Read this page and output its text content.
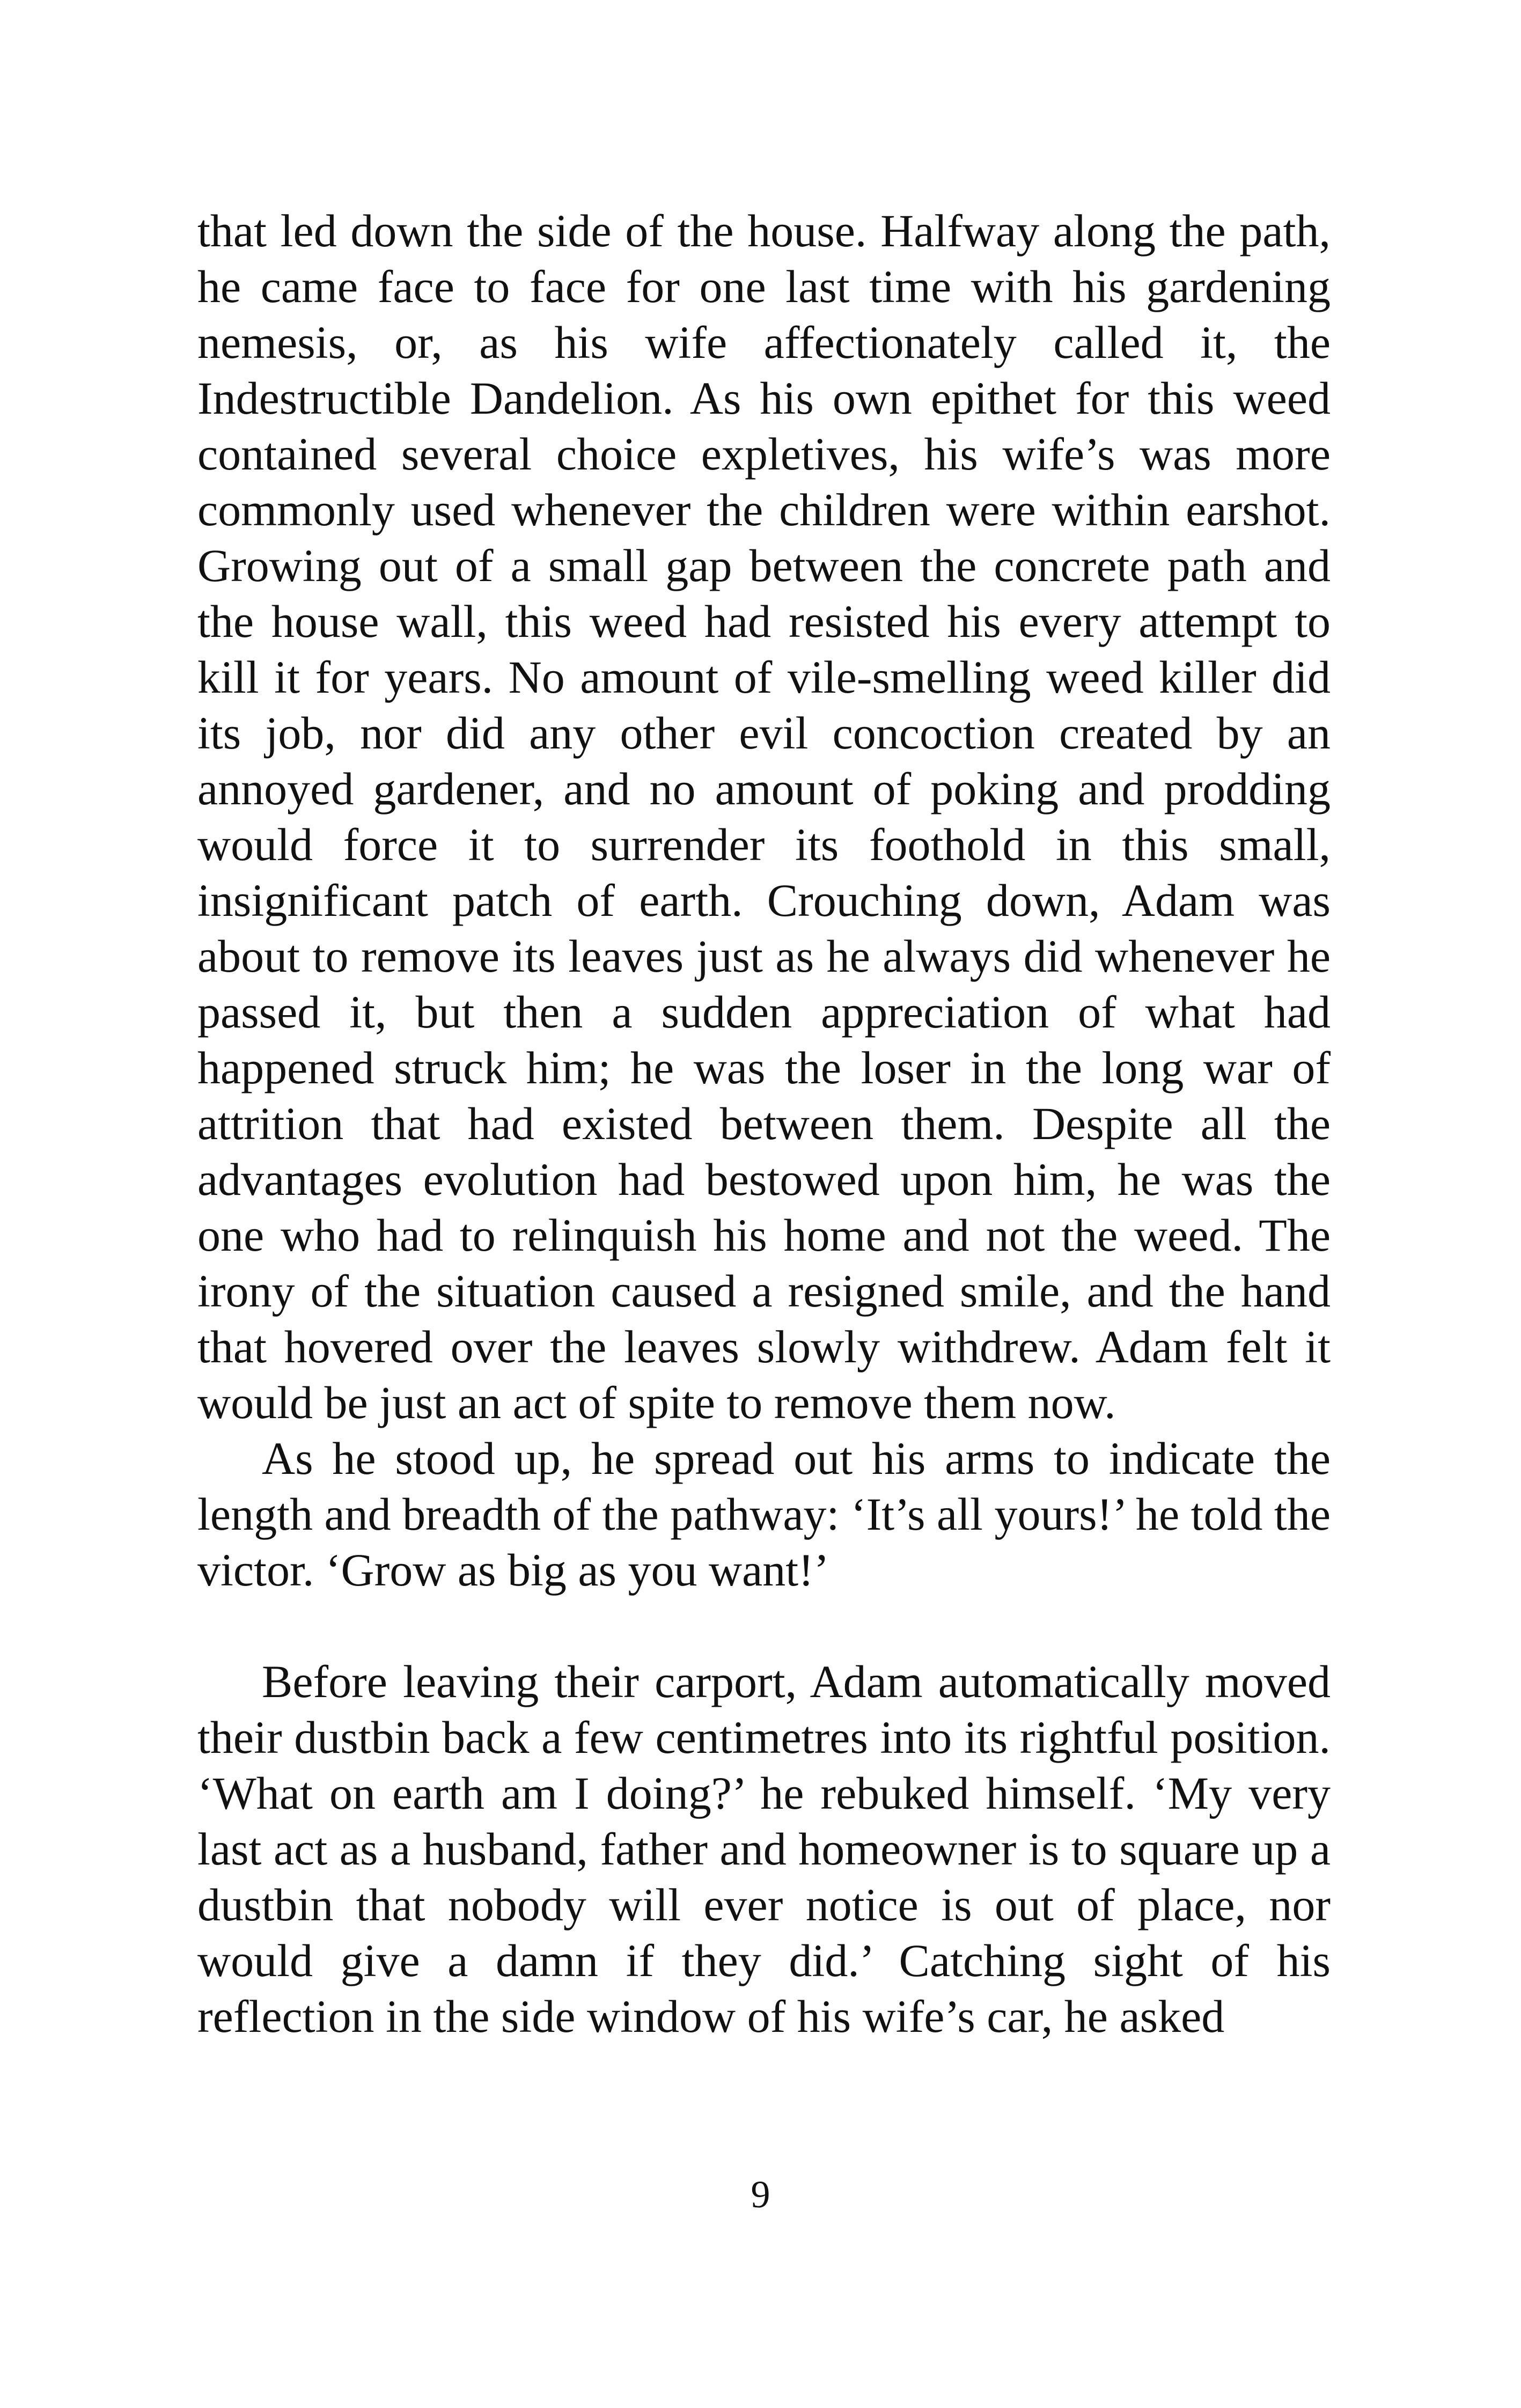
that led down the side of the house. Halfway along the path, he came face to face for one last time with his gardening nemesis, or, as his wife affectionately called it, the Indestructible Dandelion. As his own epithet for this weed contained several choice expletives, his wife’s was more commonly used whenever the children were within earshot. Growing out of a small gap between the concrete path and the house wall, this weed had resisted his every attempt to kill it for years. No amount of vile-smelling weed killer did its job, nor did any other evil concoction created by an annoyed gardener, and no amount of poking and prodding would force it to surrender its foothold in this small, insignificant patch of earth. Crouching down, Adam was about to remove its leaves just as he always did whenever he passed it, but then a sudden appreciation of what had happened struck him; he was the loser in the long war of attrition that had existed between them. Despite all the advantages evolution had bestowed upon him, he was the one who had to relinquish his home and not the weed. The irony of the situation caused a resigned smile, and the hand that hovered over the leaves slowly withdrew. Adam felt it would be just an act of spite to remove them now.

As he stood up, he spread out his arms to indicate the length and breadth of the pathway: ‘It’s all yours!’ he told the victor. ‘Grow as big as you want!’

Before leaving their carport, Adam automatically moved their dustbin back a few centimetres into its rightful position. ‘What on earth am I doing?’ he rebuked himself. ‘My very last act as a husband, father and homeowner is to square up a dustbin that nobody will ever notice is out of place, nor would give a damn if they did.’ Catching sight of his reflection in the side window of his wife’s car, he asked

9
